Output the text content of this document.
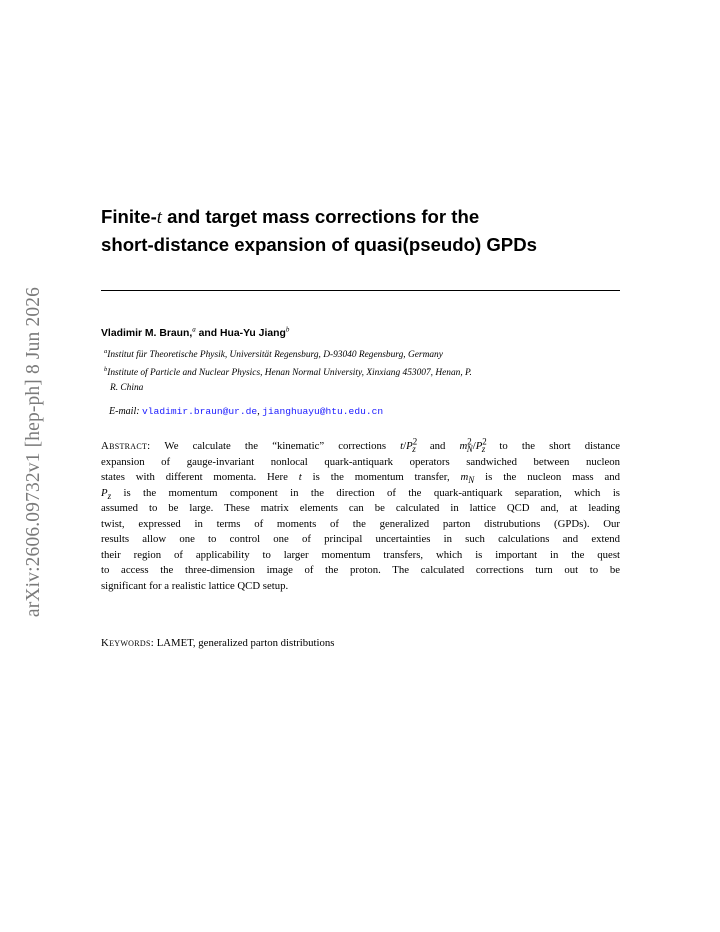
arXiv:2606.09732v1 [hep-ph] 8 Jun 2026
Finite-t and target mass corrections for the
short-distance expansion of quasi(pseudo) GPDs
Vladimir M. Braun,$^a$ and Hua-Yu Jiang$^b$
$^a$Institut für Theoretische Physik, Universität Regensburg, D-93040 Regensburg, Germany
$^b$Institute of Particle and Nuclear Physics, Henan Normal University, Xinxiang 453007, Henan, P.
R. China
E-mail: vladimir.braun@ur.de, jianghuayu@htu.edu.cn
Abstract: We calculate the “kinematic” corrections $t/P^2_z$ and $m^2_N/P^2_z$ to the short distance
expansion of gauge-invariant nonlocal quark-antiquark operators sandwiched between nucleon
states with different momenta. Here t is the momentum transfer, $m_N$ is the nucleon mass and
$P_z$ is the momentum component in the direction of the quark-antiquark separation, which is
assumed to be large. These matrix elements can be calculated in lattice QCD and, at leading
twist, expressed in terms of moments of the generalized parton distrubutions (GPDs). Our
results allow one to control one of principal uncertainties in such calculations and extend
their region of applicability to larger momentum transfers, which is important in the quest
to access the three-dimension image of the proton. The calculated corrections turn out to be
significant for a realistic lattice QCD setup.
Keywords: LAMET, generalized parton distributions
